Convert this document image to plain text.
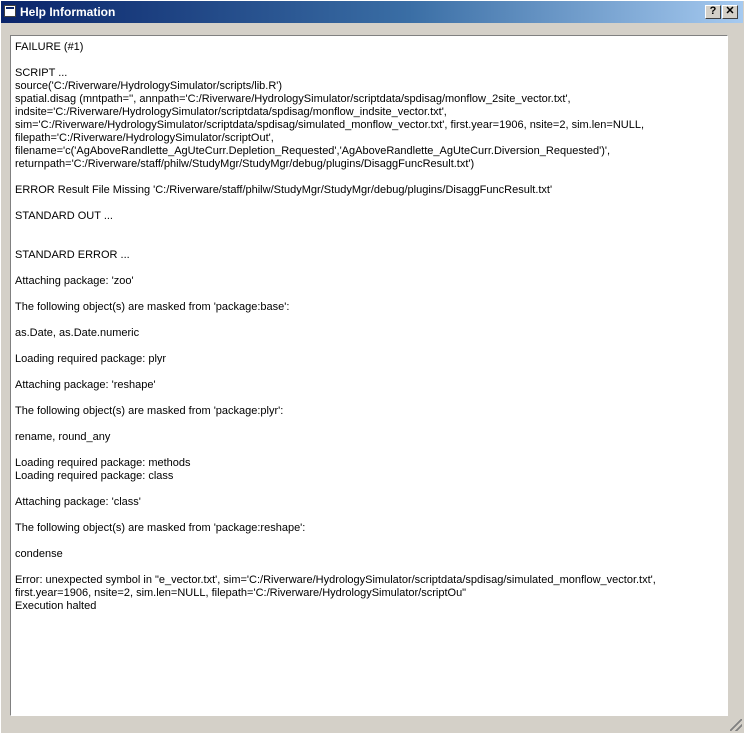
Help Information	? ✕
FAILURE (#1)

SCRIPT ...
source('C:/Riverware/HydrologySimulator/scripts/lib.R')
spatial.disag (mntpath='', annpath='C:/Riverware/HydrologySimulator/scriptdata/spdisag/monflow_2site_vector.txt',
indsite='C:/Riverware/HydrologySimulator/scriptdata/spdisag/monflow_indsite_vector.txt',
sim='C:/Riverware/HydrologySimulator/scriptdata/spdisag/simulated_monflow_vector.txt', first.year=1906, nsite=2, sim.len=NULL,
filepath='C:/Riverware/HydrologySimulator/scriptOut',
filename='c('AgAboveRandlette_AgUteCurr.Depletion_Requested','AgAboveRandlette_AgUteCurr.Diversion_Requested')',
returnpath='C:/Riverware/staff/philw/StudyMgr/StudyMgr/debug/plugins/DisaggFuncResult.txt')

ERROR Result File Missing 'C:/Riverware/staff/philw/StudyMgr/StudyMgr/debug/plugins/DisaggFuncResult.txt'

STANDARD OUT ...

STANDARD ERROR ...

Attaching package: 'zoo'

The following object(s) are masked from 'package:base':

as.Date, as.Date.numeric

Loading required package: plyr

Attaching package: 'reshape'

The following object(s) are masked from 'package:plyr':

rename, round_any

Loading required package: methods
Loading required package: class

Attaching package: 'class'

The following object(s) are masked from 'package:reshape':

condense

Error: unexpected symbol in "e_vector.txt', sim='C:/Riverware/HydrologySimulator/scriptdata/spdisag/simulated_monflow_vector.txt',
first.year=1906, nsite=2, sim.len=NULL, filepath='C:/Riverware/HydrologySimulator/scriptOu"
Execution halted
